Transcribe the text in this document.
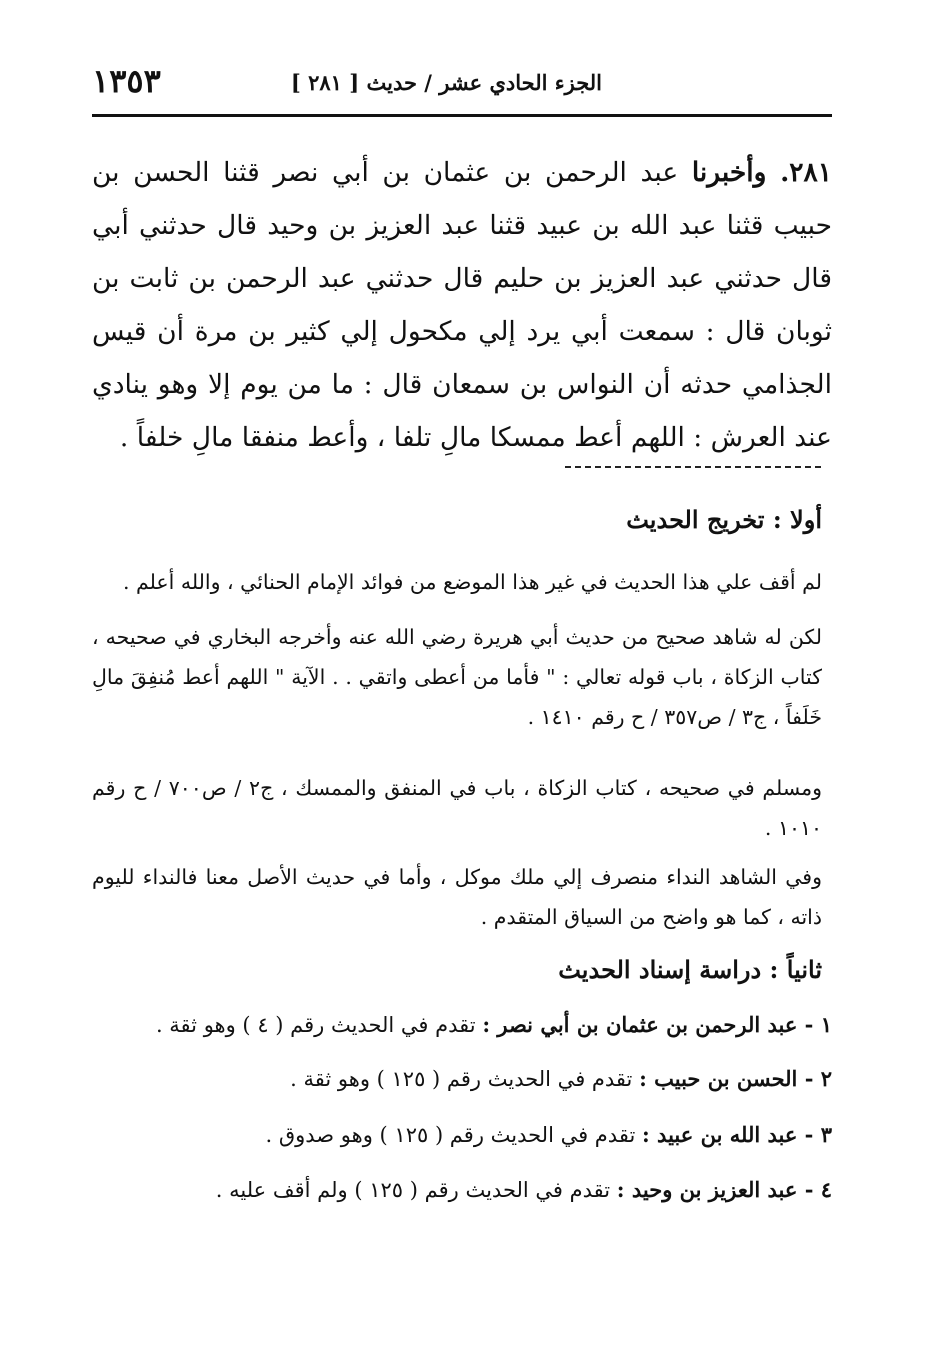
الجزء الحادي عشر / حديث [ ٢٨١ ]
١٣٥٣
٢٨١. وأخبرنا عبد الرحمن بن عثمان بن أبي نصر قثنا الحسن بن حبيب قثنا عبد الله بن عبيد قثنا عبد العزيز بن وحيد قال حدثني أبي قال حدثني عبد العزيز بن حليم قال حدثني عبد الرحمن بن ثابت بن ثوبان قال : سمعت أبي يرد إلي مكحول إلي كثير بن مرة أن قيس الجذامي حدثه أن النواس بن سمعان قال : ما من يوم إلا وهو ينادي عند العرش : اللهم أعط ممسكا مالِ تلفا ، وأعط منفقا مالِ خلفاً .
أولا : تخريج الحديث
لم أقف علي هذا الحديث في غير هذا الموضع من فوائد الإمام الحنائي ، والله أعلم .
لكن له شاهد صحيح من حديث أبي هريرة رضي الله عنه وأخرجه البخاري في صحيحه ، كتاب الزكاة ، باب قوله تعالي : " فأما من أعطى واتقي . . الآية " اللهم أعط مُنفِقَ مالِ خَلَفاً ، ج٣ / ص٣٥٧ / ح رقم ١٤١٠ .
ومسلم في صحيحه ، كتاب الزكاة ، باب في المنفق والممسك ، ج٢ / ص٧٠٠ / ح رقم ١٠١٠ .
وفي الشاهد النداء منصرف إلي ملك موكل ، وأما في حديث الأصل معنا فالنداء لليوم ذاته ، كما هو واضح من السياق المتقدم .
ثانياً : دراسة إسناد الحديث
١ - عبد الرحمن بن عثمان بن أبي نصر : تقدم في الحديث رقم ( ٤ ) وهو ثقة .
٢ - الحسن بن حبيب : تقدم في الحديث رقم ( ١٢٥ ) وهو ثقة .
٣ - عبد الله بن عبيد : تقدم في الحديث رقم ( ١٢٥ ) وهو صدوق .
٤ - عبد العزيز بن وحيد : تقدم في الحديث رقم ( ١٢٥ ) ولم أقف عليه .
